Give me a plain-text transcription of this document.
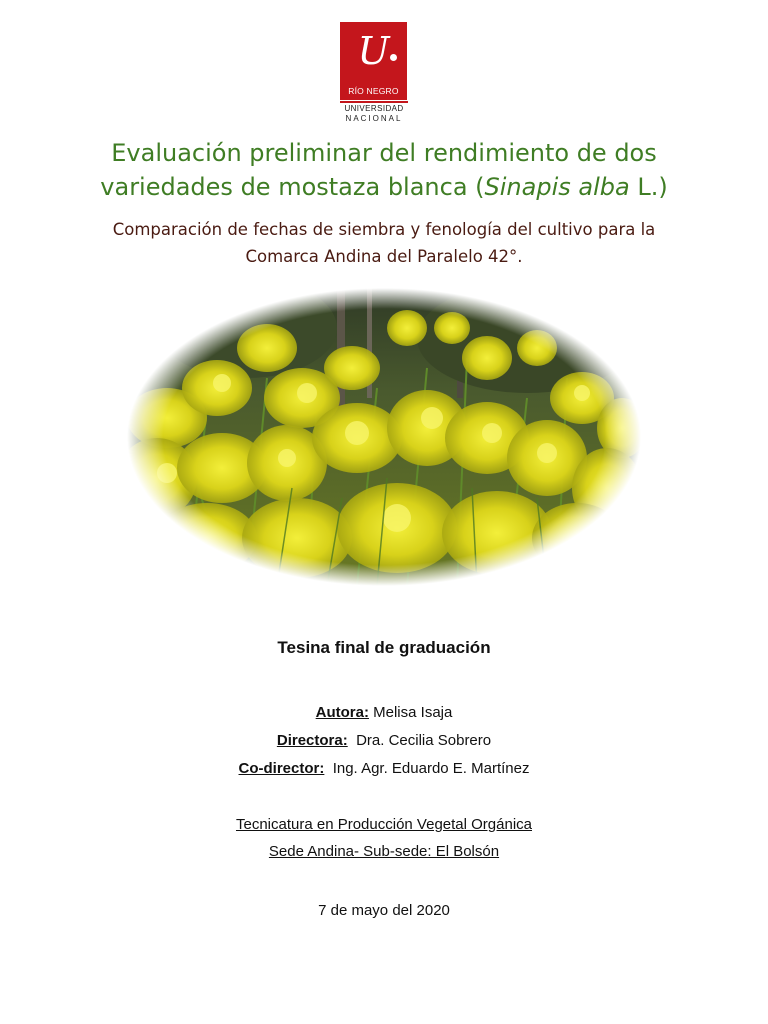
U
RÍO NEGRO
UNIVERSIDAD
NACIONAL
Evaluación preliminar del rendimiento de dos variedades de mostaza blanca (Sinapis alba L.)
Comparación de fechas de siembra y fenología del cultivo para la Comarca Andina del Paralelo 42°.
Tesina final de graduación
Autora: Melisa Isaja
Directora: Dra. Cecilia Sobrero
Co-director: Ing. Agr. Eduardo E. Martínez
Tecnicatura en Producción Vegetal Orgánica
Sede Andina- Sub-sede: El Bolsón
7 de mayo del 2020
